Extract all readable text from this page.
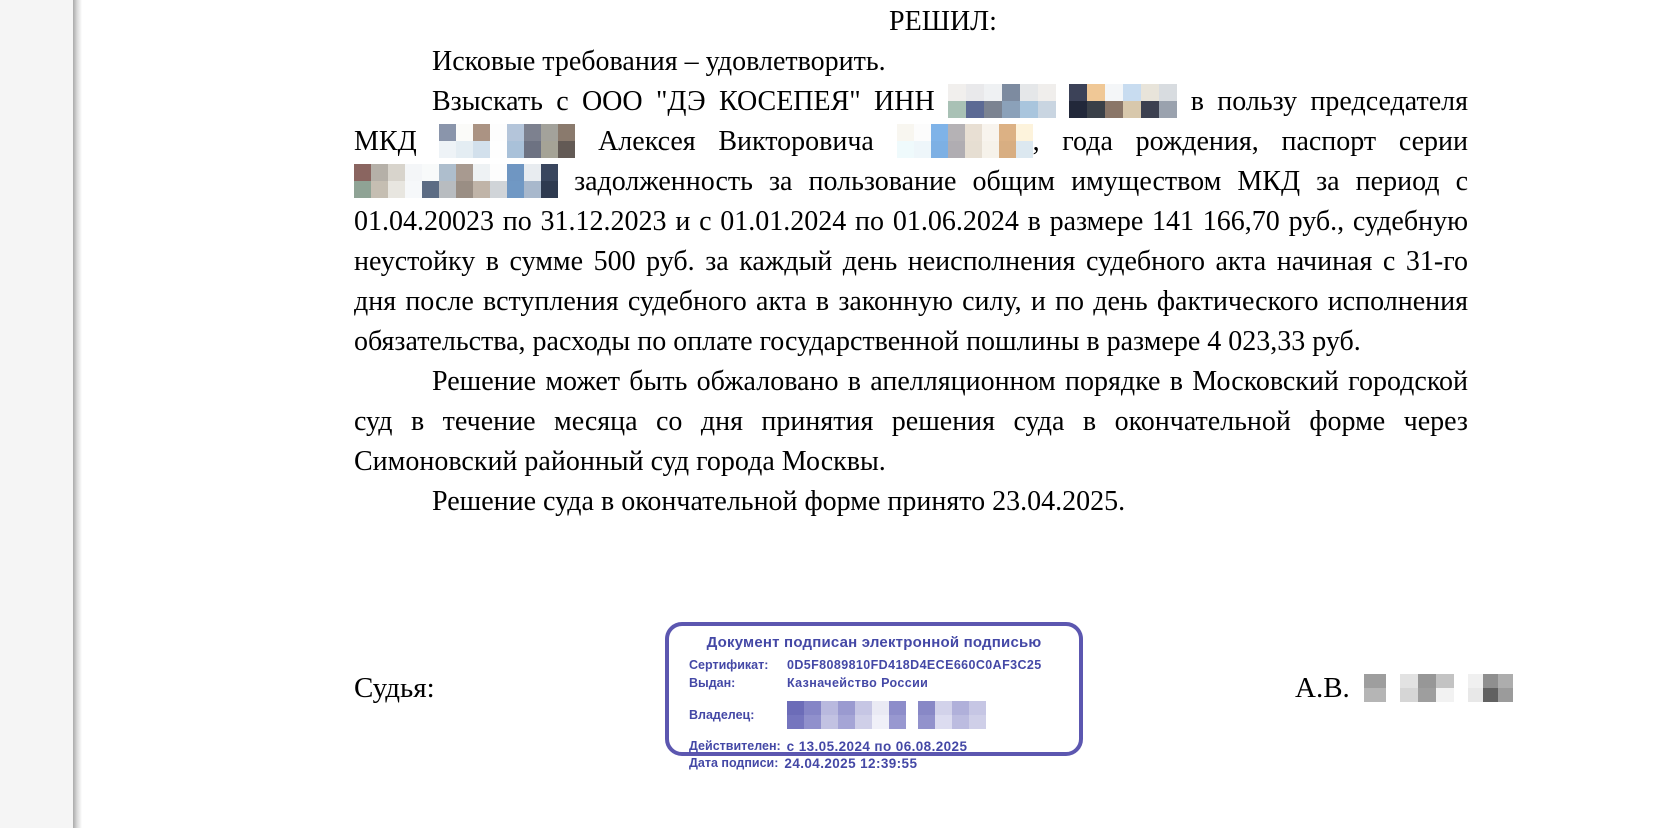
РЕШИЛ:

Исковые требования – удовлетворить.

Взыскать с ООО "ДЭ КОСЕПЕЯ" ИНН
	в пользу председателя МКД	Алексея Викторовича	, года рождения, паспорт серии
задолженность за пользование общим имуществом МКД за период с 01.04.20023 по 31.12.2023 и с 01.01.2024 по 01.06.2024 в размере 141 166,70 руб., судебную неустойку в сумме 500 руб. за каждый день неисполнения судебного акта начиная с 31-го дня после вступления судебного акта в законную силу, и по день фактического исполнения обязательства, расходы по оплате государственной пошлины в размере 4 023,33 руб.

Решение может быть обжаловано в апелляционном порядке в Московский городской суд в течение месяца со дня принятия решения суда в окончательной форме через Симоновский районный суд города Москвы.

Решение суда в окончательной форме принято 23.04.2025.

Судья:	А.В.
Документ подписан электронной подписью
Сертификат:	0D5F8089810FD418D4ECE660C0AF3C25
Выдан:	Казначейство России
Владелец:
Действителен: с 13.05.2024 по 06.08.2025
Дата подписи: 24.04.2025 12:39:55
